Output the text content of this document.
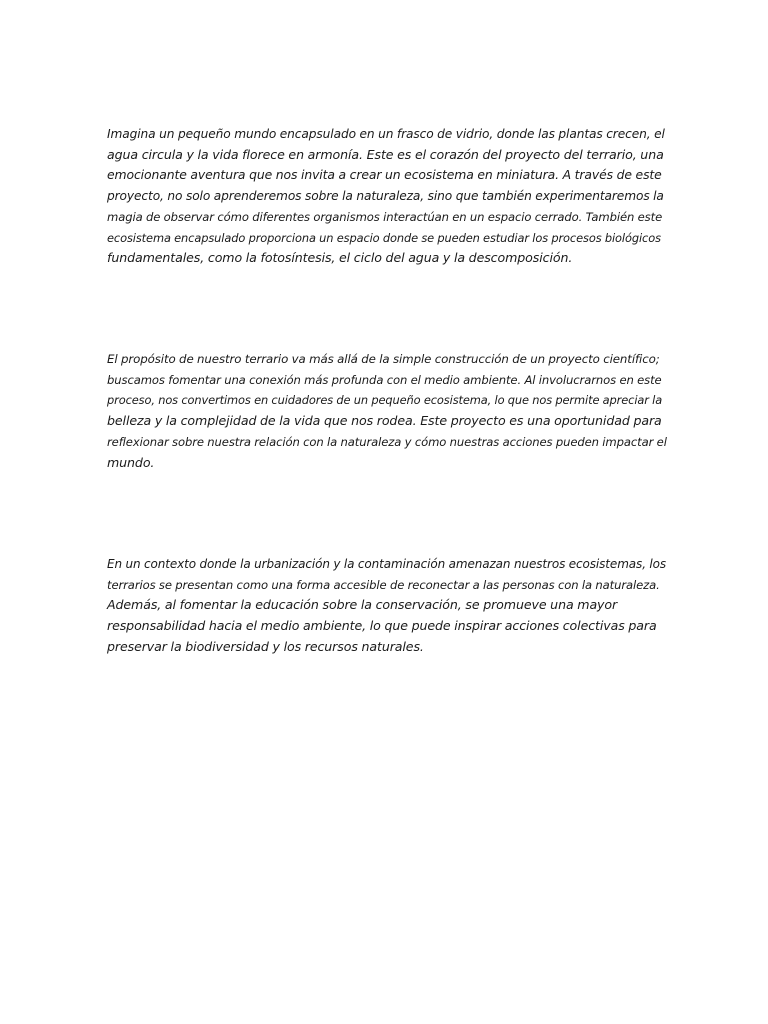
Imagina un pequeño mundo encapsulado en un frasco de vidrio, donde las plantas crecen, el
agua circula y la vida florece en armonía. Este es el corazón del proyecto del terrario, una
emocionante aventura que nos invita a crear un ecosistema en miniatura. A través de este
proyecto, no solo aprenderemos sobre la naturaleza, sino que también experimentaremos la
magia de observar cómo diferentes organismos interactúan en un espacio cerrado. También este
ecosistema encapsulado proporciona un espacio donde se pueden estudiar los procesos biológicos
fundamentales, como la fotosíntesis, el ciclo del agua y la descomposición.

El propósito de nuestro terrario va más allá de la simple construcción de un proyecto científico;
buscamos fomentar una conexión más profunda con el medio ambiente. Al involucrarnos en este
proceso, nos convertimos en cuidadores de un pequeño ecosistema, lo que nos permite apreciar la
belleza y la complejidad de la vida que nos rodea. Este proyecto es una oportunidad para
reflexionar sobre nuestra relación con la naturaleza y cómo nuestras acciones pueden impactar el
mundo.

En un contexto donde la urbanización y la contaminación amenazan nuestros ecosistemas, los
terrarios se presentan como una forma accesible de reconectar a las personas con la naturaleza.
Además, al fomentar la educación sobre la conservación, se promueve una mayor
responsabilidad hacia el medio ambiente, lo que puede inspirar acciones colectivas para
preservar la biodiversidad y los recursos naturales.
